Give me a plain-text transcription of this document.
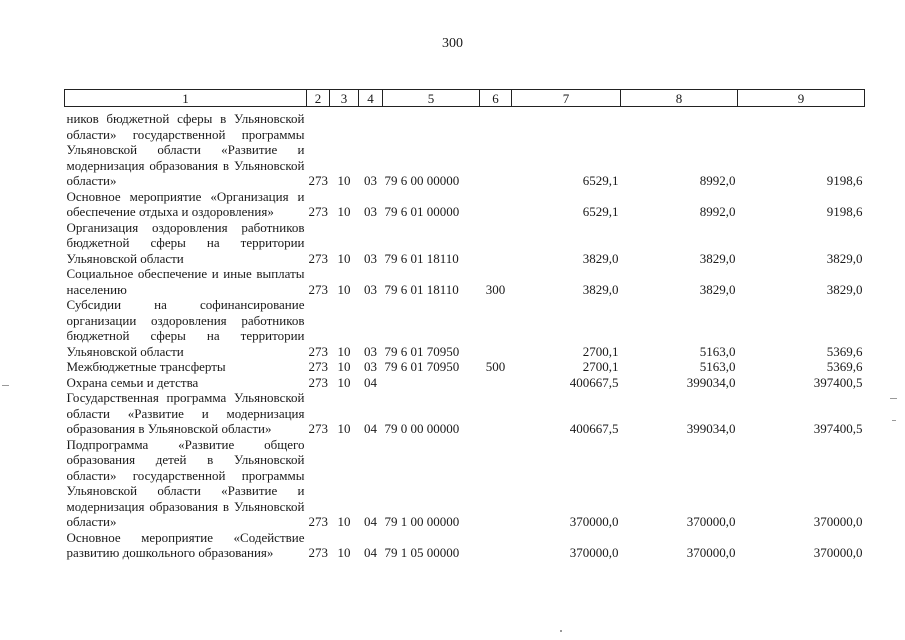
300
1	2	3	4	5	6	7	8	9
ников бюджетной сферы в Ульяновской области» государственной программы Ульяновской области «Развитие и модернизация образования в Ульяновской области»	273	10	03	79 6 00 00000		6529,1	8992,0	9198,6
Основное мероприятие «Организация и обеспечение отдыха и оздоровления»	273	10	03	79 6 01 00000		6529,1	8992,0	9198,6
Организация оздоровления работников бюджетной сферы на территории Ульяновской области	273	10	03	79 6 01 18110		3829,0	3829,0	3829,0
Социальное обеспечение и иные выплаты населению	273	10	03	79 6 01 18110	300	3829,0	3829,0	3829,0
Субсидии на софинансирование организации оздоровления работников бюджетной сферы на территории Ульяновской области	273	10	03	79 6 01 70950		2700,1	5163,0	5369,6
Межбюджетные трансферты	273	10	03	79 6 01 70950	500	2700,1	5163,0	5369,6
Охрана семьи и детства	273	10	04			400667,5	399034,0	397400,5
Государственная программа Ульяновской области «Развитие и модернизация образования в Ульяновской области»	273	10	04	79 0 00 00000		400667,5	399034,0	397400,5
Подпрограмма «Развитие общего образования детей в Ульяновской области» государственной программы Ульяновской области «Развитие и модернизация образования в Ульяновской области»	273	10	04	79 1 00 00000		370000,0	370000,0	370000,0
Основное мероприятие «Содействие развитию дошкольного образования»	273	10	04	79 1 05 00000		370000,0	370000,0	370000,0
